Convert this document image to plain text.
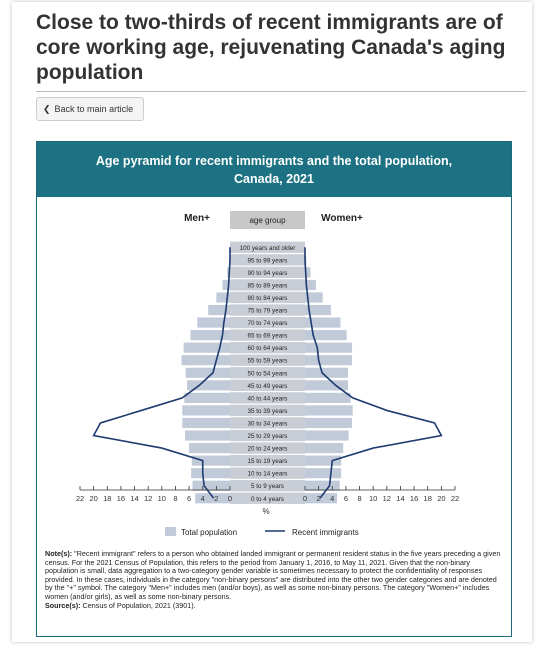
Close to two-thirds of recent immigrants are of core working age, rejuvenating Canada's aging population
❮ Back to main article
Age pyramid for recent immigrants and the total population, Canada, 2021
Men+	Women+
age group
0 to 4 years
5 to 9 years
10 to 14 years
15 to 19 years
20 to 24 years
25 to 29 years
30 to 34 years
35 to 39 years
40 to 44 years
45 to 49 years
50 to 54 years
55 to 59 years
60 to 64 years
65 to 69 years
70 to 74 years
75 to 79 years
80 to 84 years
85 to 89 years
90 to 94 years
95 to 99 years
100 years and older
0	0
2	2
4	4
6	6
8	8
10	10
12	12
14	14
16	16
18	18
20	20
22	22
%
Total population	Recent immigrants
Note(s): "Recent immigrant" refers to a person who obtained landed immigrant or permanent resident status in the five years preceding a given census. For the 2021 Census of Population, this refers to the period from January 1, 2016, to May 11, 2021. Given that the non-binary population is small, data aggregation to a two-category gender variable is sometimes necessary to protect the confidentiality of responses provided. In these cases, individuals in the category "non-binary persons" are distributed into the other two gender categories and are denoted by the "+" symbol. The category "Men+" includes men (and/or boys), as well as some non-binary persons. The category "Women+" includes women (and/or girls), as well as some non-binary persons.
Source(s): Census of Population, 2021 (3901).
